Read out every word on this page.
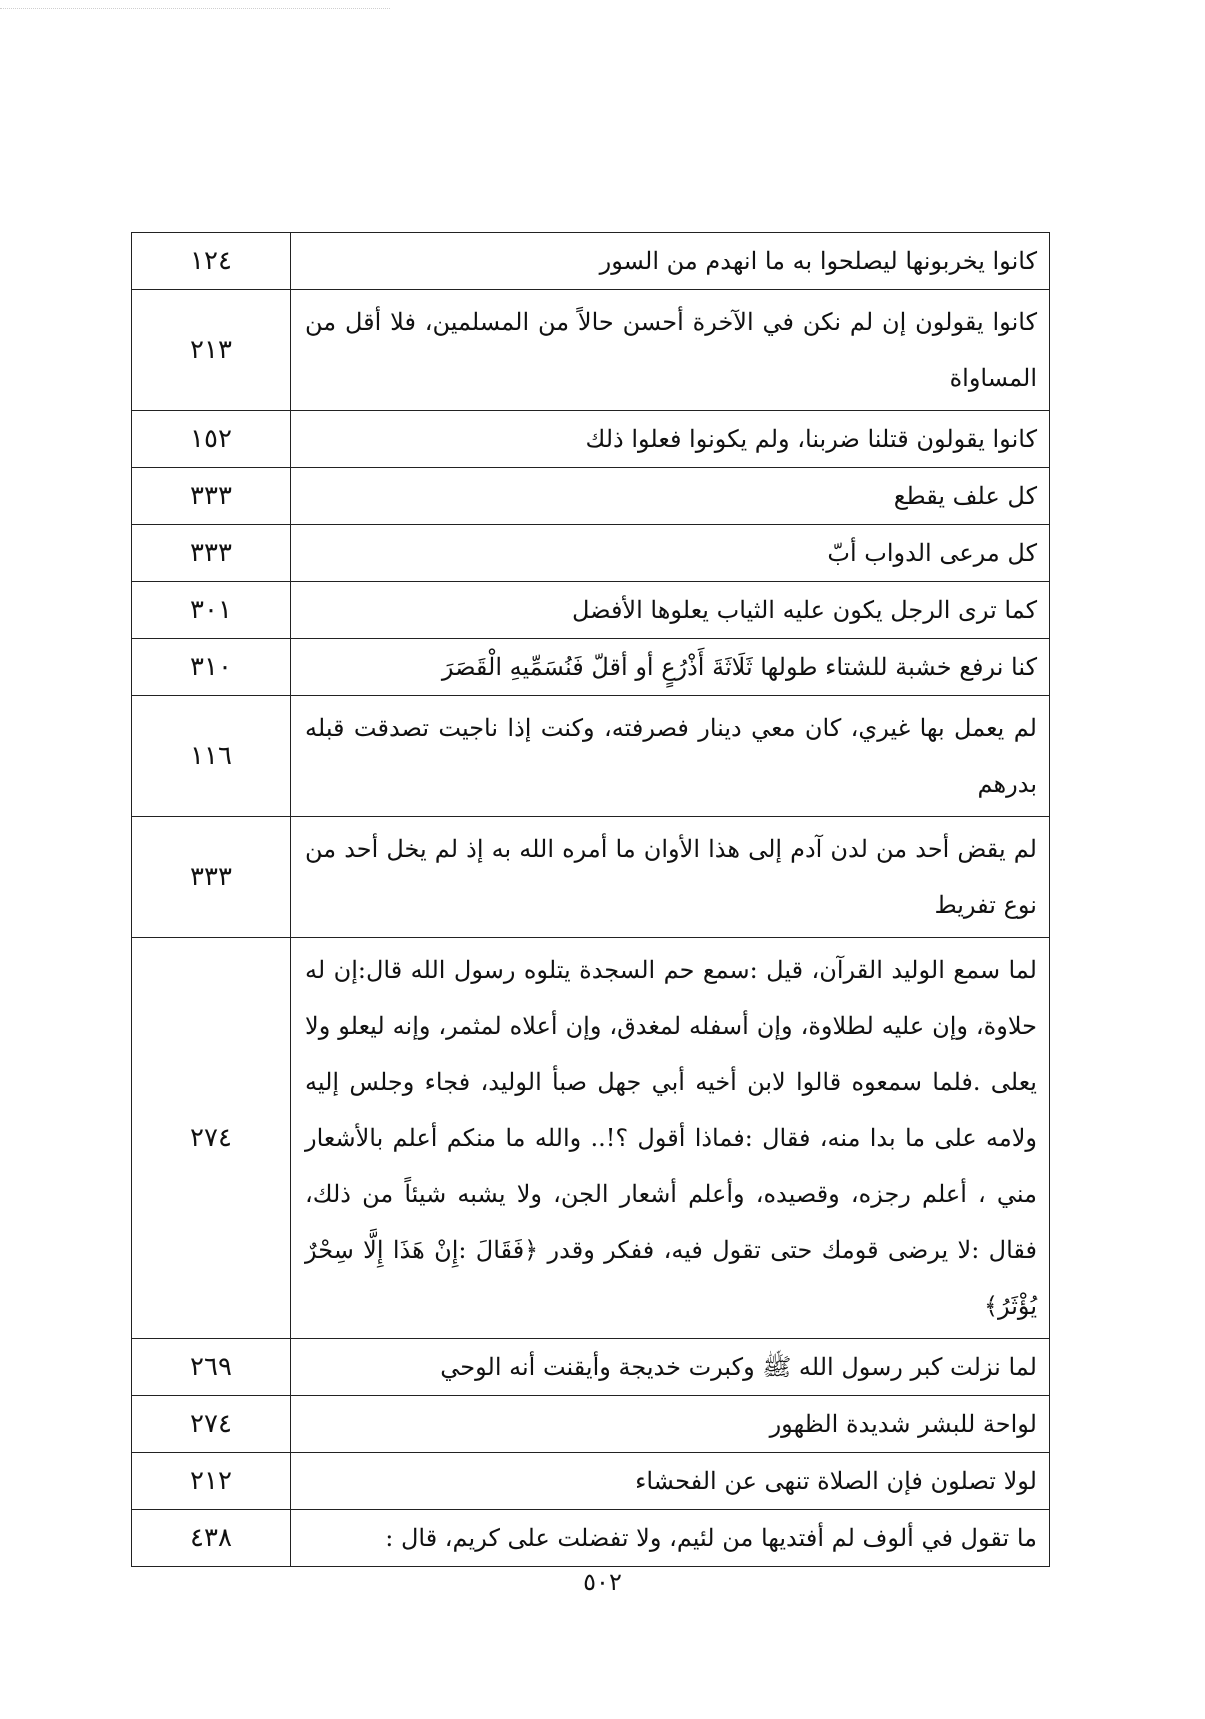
كانوا يخربونها ليصلحوا به ما انهدم من السور	١٢٤

كانوا يقولون إن لم نكن في الآخرة أحسن حالاً من المسلمين، فلا أقل من المساواة	٢١٣

كانوا يقولون قتلنا ضربنا، ولم يكونوا فعلوا ذلك	١٥٢

كل علف يقطع	٣٣٣

كل مرعى الدواب أبّ	٣٣٣

كما ترى الرجل يكون عليه الثياب يعلوها الأفضل	٣٠١

كنا نرفع خشبة للشتاء طولها ثَلَاثَةَ أَذْرُعٍ أو أقلّ فَنُسَمِّيهِ الْقَصَرَ	٣١٠

لم يعمل بها غيري، كان معي دينار فصرفته، وكنت إذا ناجيت تصدقت قبله بدرهم	١١٦

لم يقض أحد من لدن آدم إلى هذا الأوان ما أمره الله به إذ لم يخل أحد من نوع تفريط	٣٣٣

لما سمع الوليد القرآن، قيل :سمع حم السجدة يتلوه رسول الله قال:إن له حلاوة، وإن عليه لطلاوة، وإن أسفله لمغدق، وإن أعلاه لمثمر، وإنه ليعلو ولا يعلى .فلما سمعوه قالوا لابن أخيه أبي جهل صبأ الوليد، فجاء وجلس إليه ولامه على ما بدا منه، فقال :فماذا أقول ؟!.. والله ما منكم أعلم بالأشعار مني ، أعلم رجزه، وقصيده، وأعلم أشعار الجن، ولا يشبه شيئاً من ذلك، فقال :لا يرضى قومك حتى تقول فيه، ففكر وقدر ﴿فَقَالَ :إِنْ هَذَا إِلَّا سِحْرٌ يُؤْثَرُ﴾	٢٧٤

لما نزلت كبر رسول الله ﷺ وكبرت خديجة وأيقنت أنه الوحي	٢٦٩

لواحة للبشر شديدة الظهور	٢٧٤

لولا تصلون فإن الصلاة تنهى عن الفحشاء	٢١٢

ما تقول في ألوف لم أفتديها من لئيم، ولا تفضلت على كريم، قال :	٤٣٨
٥٠٢
